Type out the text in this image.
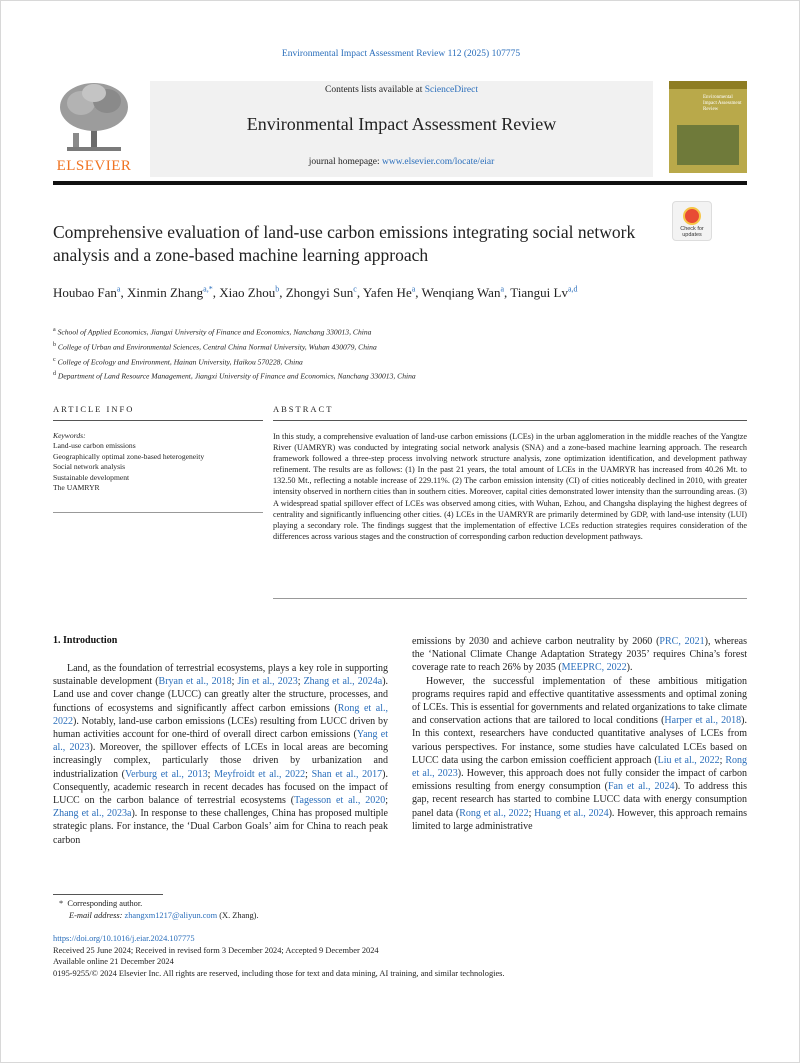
Environmental Impact Assessment Review 112 (2025) 107775
ELSEVIER
Contents lists available at ScienceDirect
Environmental Impact Assessment Review
journal homepage: www.elsevier.com/locate/eiar
Environmental Impact Assessment Review
Comprehensive evaluation of land-use carbon emissions integrating social network analysis and a zone-based machine learning approach
Check for updates
Houbao Fan$^a$, Xinmin Zhang$^{a,*}$, Xiao Zhou$^b$, Zhongyi Sun$^c$, Yafen He$^a$, Wenqiang Wan$^a$, Tiangui Lv$^{a,d}$
$^a$ School of Applied Economics, Jiangxi University of Finance and Economics, Nanchang 330013, China
$^b$ College of Urban and Environmental Sciences, Central China Normal University, Wuhan 430079, China
$^c$ College of Ecology and Environment, Hainan University, Haikou 570228, China
$^d$ Department of Land Resource Management, Jiangxi University of Finance and Economics, Nanchang 330013, China
ARTICLE INFO	ABSTRACT
Keywords:
Land-use carbon emissions
Geographically optimal zone-based heterogeneity
Social network analysis
Sustainable development
The UAMRYR
In this study, a comprehensive evaluation of land-use carbon emissions (LCEs) in the urban agglomeration in the middle reaches of the Yangtze River (UAMRYR) was conducted by integrating social network analysis (SNA) and a zone-based machine learning approach. The research framework followed a three-step process involving network structure analysis, zone optimization identification, and development pathway refinement. The results are as follows: (1) In the past 21 years, the total amount of LCEs in the UAMRYR has increased from 40.26 Mt. to 132.50 Mt., reflecting a notable increase of 229.11%. (2) The carbon emission intensity (CI) of cities noticeably declined in 2010, with greater intensity observed in northern cities than in southern cities. Moreover, capital cities demonstrated lower intensity than the surrounding areas. (3) A widespread spatial spillover effect of LCEs was observed among cities, with Wuhan, Ezhou, and Changsha displaying the highest degrees of centrality and significantly influencing other cities. (4) LCEs in the UAMRYR are primarily determined by GDP, with land-use intensity (LUI) playing a secondary role. The findings suggest that the implementation of effective LCEs reduction strategies requires consideration of the differences across various stages and the construction of corresponding carbon reduction development pathways.
1. Introduction

Land, as the foundation of terrestrial ecosystems, plays a key role in supporting sustainable development (Bryan et al., 2018; Jin et al., 2023; Zhang et al., 2024a). Land use and cover change (LUCC) can greatly alter the structure, processes, and functions of ecosystems and significantly affect carbon emissions (Rong et al., 2022). Notably, land-use carbon emissions (LCEs) resulting from LUCC driven by human activities account for one-third of overall direct carbon emissions (Yang et al., 2023). Moreover, the spillover effects of LCEs in local areas are becoming increasingly complex, particularly those driven by urbanization and industrialization (Verburg et al., 2013; Meyfroidt et al., 2022; Shan et al., 2017). Consequently, academic research in recent decades has focused on the impact of LUCC on the carbon balance of terrestrial ecosystems (Tagesson et al., 2020; Zhang et al., 2023a). In response to these challenges, China has proposed multiple strategic plans. For instance, the ‘Dual Carbon Goals’ aim for China to reach peak carbon

emissions by 2030 and achieve carbon neutrality by 2060 (PRC, 2021), whereas the ‘National Climate Change Adaptation Strategy 2035’ requires China’s forest coverage rate to reach 26% by 2035 (MEEPRC, 2022).

However, the successful implementation of these ambitious mitigation programs requires rapid and effective quantitative assessments and optimal zoning of LCEs. This is essential for governments and related organizations to take climate and conservation actions that are tailored to local conditions (Harper et al., 2018). In this context, researchers have conducted quantitative analyses of LCEs from various perspectives. For instance, some studies have calculated LCEs based on LUCC data using the carbon emission coefficient approach (Liu et al., 2022; Rong et al., 2023). However, this approach does not fully consider the impact of carbon emissions resulting from energy consumption (Fan et al., 2024). To address this gap, recent research has started to combine LUCC data with energy consumption panel data (Rong et al., 2022; Huang et al., 2024). However, this approach remains limited to large administrative

*  Corresponding author.
E-mail address: zhangxm1217@aliyun.com (X. Zhang).
https://doi.org/10.1016/j.eiar.2024.107775
Received 25 June 2024; Received in revised form 3 December 2024; Accepted 9 December 2024
Available online 21 December 2024
0195-9255/© 2024 Elsevier Inc. All rights are reserved, including those for text and data mining, AI training, and similar technologies.
